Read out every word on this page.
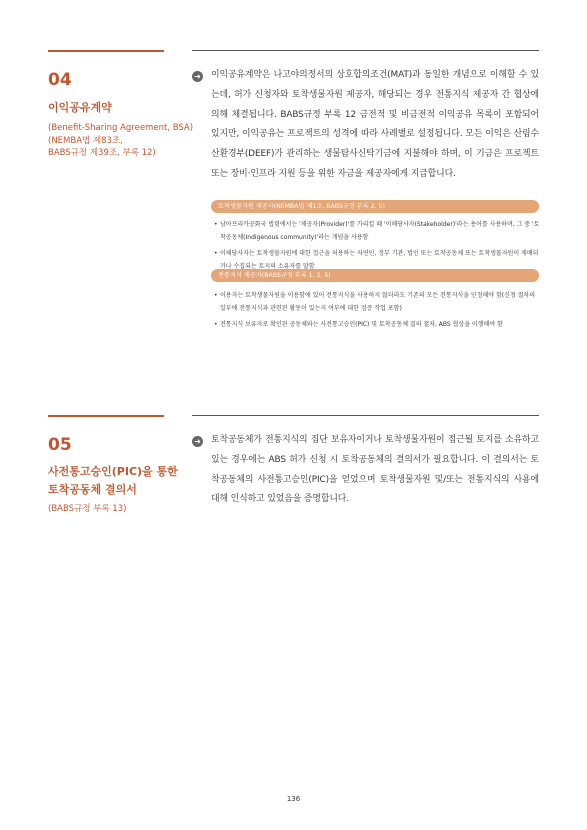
04
이익공유계약
(Benefit-Sharing Agreement, BSA)
(NEMBA법 제83조,
BABS규정 제39조, 부록 12)
➜ 이익공유계약은 나고야의정서의 상호합의조건(MAT)과 동일한 개념으로 이해할 수 있는데, 허가 신청자와 토착생물자원 제공자, 해당되는 경우 전통지식 제공자 간 협상에 의해 체결됩니다. BABS규정 부록 12 금전적 및 비금전적 이익공유 목록이 포함되어 있지만, 이익공유는 프로젝트의 성격에 따라 사례별로 설정됩니다. 모든 이익은 산림수산환경부(DEEF)가 관리하는 생물탐사신탁기금에 지불해야 하며, 이 기금은 프로젝트 또는 장비·인프라 지원 등을 위한 자금을 제공자에게 지급합니다.
토착생물자원 제공자(NEMBA법 제1조, BABS규정 부록 2, 5)
• 남아프리카공화국 법령에서는 '제공자(Provider)'를 가리킬 때 '이해당사자(Stakeholder)'라는 용어를 사용하며, 그 중 '토착공동체(Indigenous community)'라는 개념을 사용함
• 이해당사자는 토착생물자원에 대한 접근을 허용하는 자연인, 정부 기관, 법인 또는 토착공동체 또는 토착생물자원이 재배되거나 수집되는 토지의 소유자를 말함
전통지식 제공자(BABS규정 부록 1, 2, 5)
• 이용자는 토착생물자원을 이용함에 있어 전통지식을 사용하지 않더라도 기존의 모든 전통지식을 인정해야 함(신청 절차의 일부에 전통지식과 관련된 활동이 있는지 여부에 대한 검증 작업 포함)
• 전통지식 보유자로 확인된 공동체와는 사전통고승인(PIC) 및 토착공동체 결의 절차, ABS 협상을 이행해야 함
05
사전통고승인(PIC)을 통한
토착공동체 결의서
(BABS규정 부록 13)
➜ 토착공동체가 전통지식의 집단 보유자이거나 토착생물자원이 접근될 토지를 소유하고 있는 경우에는 ABS 허가 신청 시 토착공동체의 결의서가 필요합니다. 이 결의서는 토착공동체의 사전통고승인(PIC)을 얻었으며 토착생물자원 및/또는 전통지식의 사용에 대해 인식하고 있었음을 증명합니다.
136
